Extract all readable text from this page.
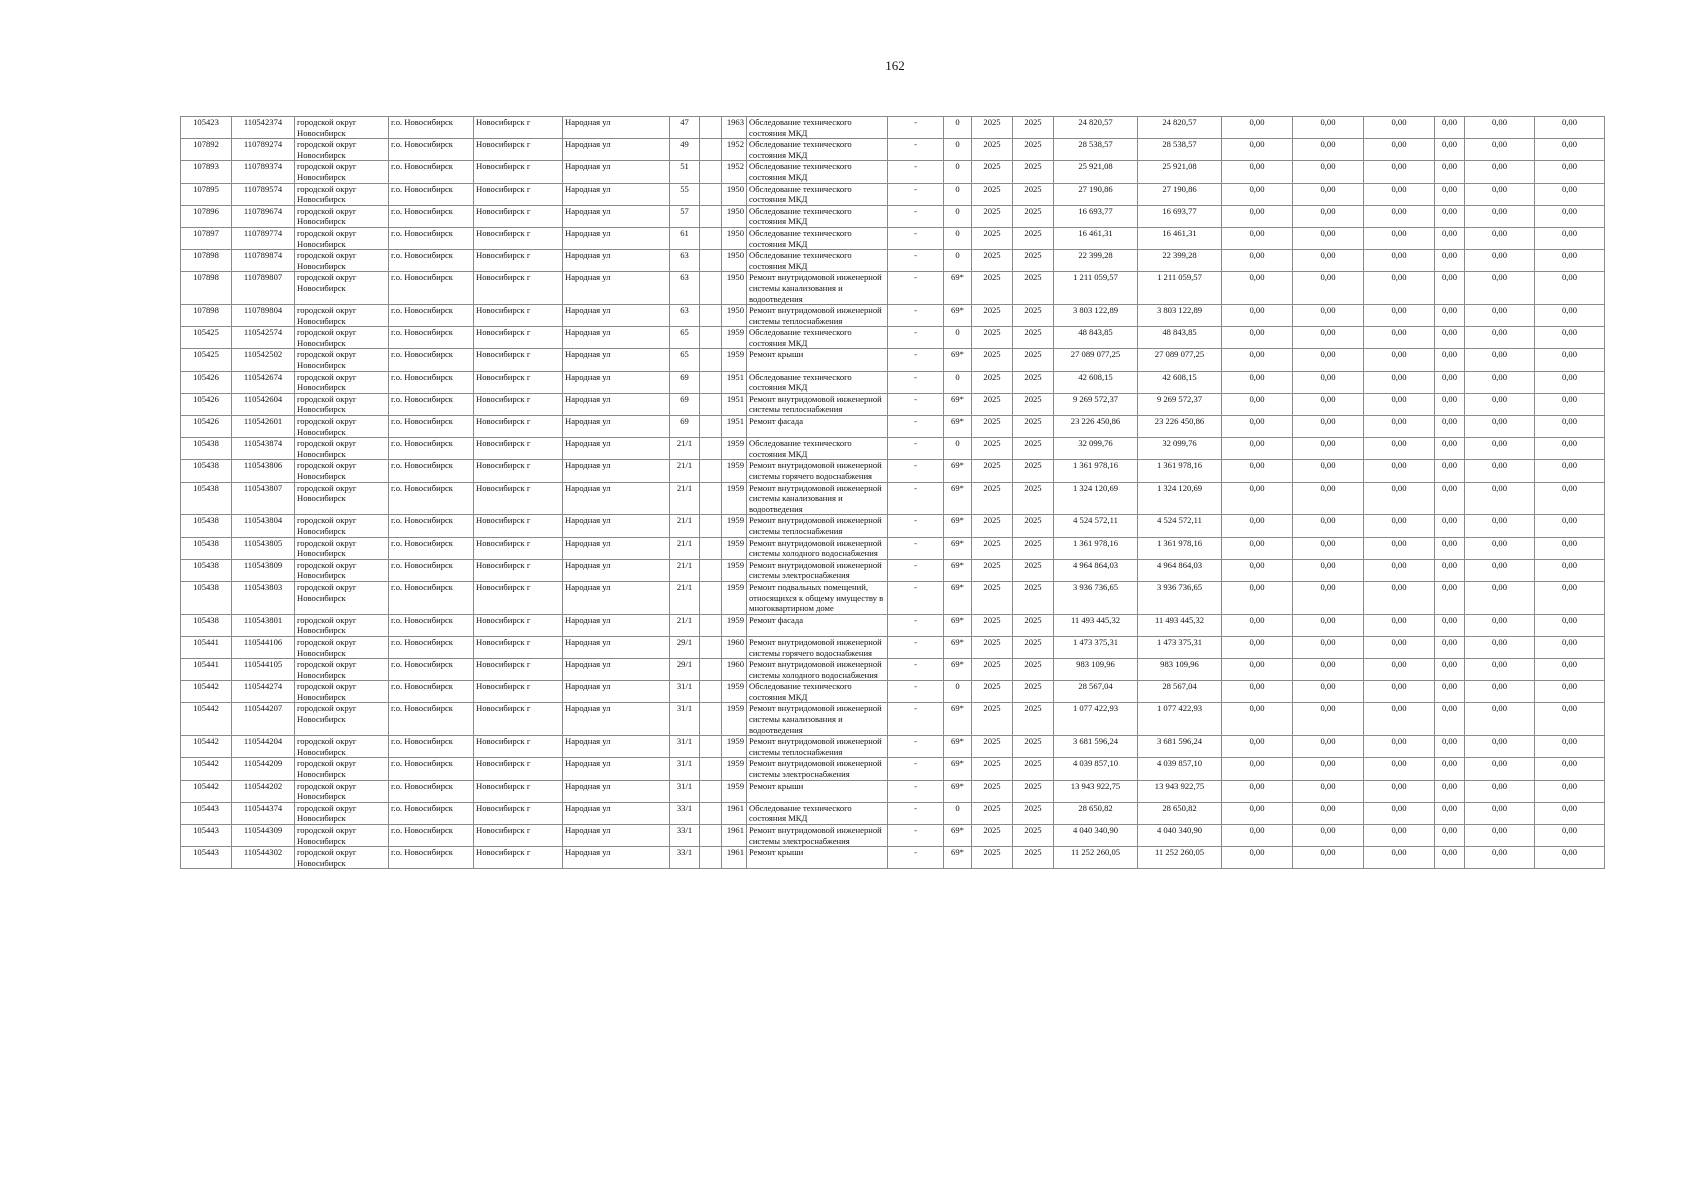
162
105423	110542374	городской округ Новосибирск	г.о. Новосибирск	Новосибирск г	Народная ул	47		1963	Обследование технического состояния МКД	-	0	2025	2025	24 820,57	24 820,57	0,00	0,00	0,00	0,00	0,00	0,00
107892	110789274	городской округ Новосибирск	г.о. Новосибирск	Новосибирск г	Народная ул	49		1952	Обследование технического состояния МКД	-	0	2025	2025	28 538,57	28 538,57	0,00	0,00	0,00	0,00	0,00	0,00
107893	110789374	городской округ Новосибирск	г.о. Новосибирск	Новосибирск г	Народная ул	51		1952	Обследование технического состояния МКД	-	0	2025	2025	25 921,08	25 921,08	0,00	0,00	0,00	0,00	0,00	0,00
107895	110789574	городской округ Новосибирск	г.о. Новосибирск	Новосибирск г	Народная ул	55		1950	Обследование технического состояния МКД	-	0	2025	2025	27 190,86	27 190,86	0,00	0,00	0,00	0,00	0,00	0,00
107896	110789674	городской округ Новосибирск	г.о. Новосибирск	Новосибирск г	Народная ул	57		1950	Обследование технического состояния МКД	-	0	2025	2025	16 693,77	16 693,77	0,00	0,00	0,00	0,00	0,00	0,00
107897	110789774	городской округ Новосибирск	г.о. Новосибирск	Новосибирск г	Народная ул	61		1950	Обследование технического состояния МКД	-	0	2025	2025	16 461,31	16 461,31	0,00	0,00	0,00	0,00	0,00	0,00
107898	110789874	городской округ Новосибирск	г.о. Новосибирск	Новосибирск г	Народная ул	63		1950	Обследование технического состояния МКД	-	0	2025	2025	22 399,28	22 399,28	0,00	0,00	0,00	0,00	0,00	0,00
107898	110789807	городской округ Новосибирск	г.о. Новосибирск	Новосибирск г	Народная ул	63		1950	Ремонт внутридомовой инженерной системы канализования и водоотведения	-	69*	2025	2025	1 211 059,57	1 211 059,57	0,00	0,00	0,00	0,00	0,00	0,00
107898	110789804	городской округ Новосибирск	г.о. Новосибирск	Новосибирск г	Народная ул	63		1950	Ремонт внутридомовой инженерной системы теплоснабжения	-	69*	2025	2025	3 803 122,89	3 803 122,89	0,00	0,00	0,00	0,00	0,00	0,00
105425	110542574	городской округ Новосибирск	г.о. Новосибирск	Новосибирск г	Народная ул	65		1959	Обследование технического состояния МКД	-	0	2025	2025	48 843,85	48 843,85	0,00	0,00	0,00	0,00	0,00	0,00
105425	110542502	городской округ Новосибирск	г.о. Новосибирск	Новосибирск г	Народная ул	65		1959	Ремонт крыши	-	69*	2025	2025	27 089 077,25	27 089 077,25	0,00	0,00	0,00	0,00	0,00	0,00
105426	110542674	городской округ Новосибирск	г.о. Новосибирск	Новосибирск г	Народная ул	69		1951	Обследование технического состояния МКД	-	0	2025	2025	42 608,15	42 608,15	0,00	0,00	0,00	0,00	0,00	0,00
105426	110542604	городской округ Новосибирск	г.о. Новосибирск	Новосибирск г	Народная ул	69		1951	Ремонт внутридомовой инженерной системы теплоснабжения	-	69*	2025	2025	9 269 572,37	9 269 572,37	0,00	0,00	0,00	0,00	0,00	0,00
105426	110542601	городской округ Новосибирск	г.о. Новосибирск	Новосибирск г	Народная ул	69		1951	Ремонт фасада	-	69*	2025	2025	23 226 450,86	23 226 450,86	0,00	0,00	0,00	0,00	0,00	0,00
105438	110543874	городской округ Новосибирск	г.о. Новосибирск	Новосибирск г	Народная ул	21/1		1959	Обследование технического состояния МКД	-	0	2025	2025	32 099,76	32 099,76	0,00	0,00	0,00	0,00	0,00	0,00
105438	110543806	городской округ Новосибирск	г.о. Новосибирск	Новосибирск г	Народная ул	21/1		1959	Ремонт внутридомовой инженерной системы горячего водоснабжения	-	69*	2025	2025	1 361 978,16	1 361 978,16	0,00	0,00	0,00	0,00	0,00	0,00
105438	110543807	городской округ Новосибирск	г.о. Новосибирск	Новосибирск г	Народная ул	21/1		1959	Ремонт внутридомовой инженерной системы канализования и водоотведения	-	69*	2025	2025	1 324 120,69	1 324 120,69	0,00	0,00	0,00	0,00	0,00	0,00
105438	110543804	городской округ Новосибирск	г.о. Новосибирск	Новосибирск г	Народная ул	21/1		1959	Ремонт внутридомовой инженерной системы теплоснабжения	-	69*	2025	2025	4 524 572,11	4 524 572,11	0,00	0,00	0,00	0,00	0,00	0,00
105438	110543805	городской округ Новосибирск	г.о. Новосибирск	Новосибирск г	Народная ул	21/1		1959	Ремонт внутридомовой инженерной системы холодного водоснабжения	-	69*	2025	2025	1 361 978,16	1 361 978,16	0,00	0,00	0,00	0,00	0,00	0,00
105438	110543809	городской округ Новосибирск	г.о. Новосибирск	Новосибирск г	Народная ул	21/1		1959	Ремонт внутридомовой инженерной системы электроснабжения	-	69*	2025	2025	4 964 864,03	4 964 864,03	0,00	0,00	0,00	0,00	0,00	0,00
105438	110543803	городской округ Новосибирск	г.о. Новосибирск	Новосибирск г	Народная ул	21/1		1959	Ремонт подвальных помещений, относящихся к общему имуществу в многоквартирном доме	-	69*	2025	2025	3 936 736,65	3 936 736,65	0,00	0,00	0,00	0,00	0,00	0,00
105438	110543801	городской округ Новосибирск	г.о. Новосибирск	Новосибирск г	Народная ул	21/1		1959	Ремонт фасада	-	69*	2025	2025	11 493 445,32	11 493 445,32	0,00	0,00	0,00	0,00	0,00	0,00
105441	110544106	городской округ Новосибирск	г.о. Новосибирск	Новосибирск г	Народная ул	29/1		1960	Ремонт внутридомовой инженерной системы горячего водоснабжения	-	69*	2025	2025	1 473 375,31	1 473 375,31	0,00	0,00	0,00	0,00	0,00	0,00
105441	110544105	городской округ Новосибирск	г.о. Новосибирск	Новосибирск г	Народная ул	29/1		1960	Ремонт внутридомовой инженерной системы холодного водоснабжения	-	69*	2025	2025	983 109,96	983 109,96	0,00	0,00	0,00	0,00	0,00	0,00
105442	110544274	городской округ Новосибирск	г.о. Новосибирск	Новосибирск г	Народная ул	31/1		1959	Обследование технического состояния МКД	-	0	2025	2025	28 567,04	28 567,04	0,00	0,00	0,00	0,00	0,00	0,00
105442	110544207	городской округ Новосибирск	г.о. Новосибирск	Новосибирск г	Народная ул	31/1		1959	Ремонт внутридомовой инженерной системы канализования и водоотведения	-	69*	2025	2025	1 077 422,93	1 077 422,93	0,00	0,00	0,00	0,00	0,00	0,00
105442	110544204	городской округ Новосибирск	г.о. Новосибирск	Новосибирск г	Народная ул	31/1		1959	Ремонт внутридомовой инженерной системы теплоснабжения	-	69*	2025	2025	3 681 596,24	3 681 596,24	0,00	0,00	0,00	0,00	0,00	0,00
105442	110544209	городской округ Новосибирск	г.о. Новосибирск	Новосибирск г	Народная ул	31/1		1959	Ремонт внутридомовой инженерной системы электроснабжения	-	69*	2025	2025	4 039 857,10	4 039 857,10	0,00	0,00	0,00	0,00	0,00	0,00
105442	110544202	городской округ Новосибирск	г.о. Новосибирск	Новосибирск г	Народная ул	31/1		1959	Ремонт крыши	-	69*	2025	2025	13 943 922,75	13 943 922,75	0,00	0,00	0,00	0,00	0,00	0,00
105443	110544374	городской округ Новосибирск	г.о. Новосибирск	Новосибирск г	Народная ул	33/1		1961	Обследование технического состояния МКД	-	0	2025	2025	28 650,82	28 650,82	0,00	0,00	0,00	0,00	0,00	0,00
105443	110544309	городской округ Новосибирск	г.о. Новосибирск	Новосибирск г	Народная ул	33/1		1961	Ремонт внутридомовой инженерной системы электроснабжения	-	69*	2025	2025	4 040 340,90	4 040 340,90	0,00	0,00	0,00	0,00	0,00	0,00
105443	110544302	городской округ Новосибирск	г.о. Новосибирск	Новосибирск г	Народная ул	33/1		1961	Ремонт крыши	-	69*	2025	2025	11 252 260,05	11 252 260,05	0,00	0,00	0,00	0,00	0,00	0,00
